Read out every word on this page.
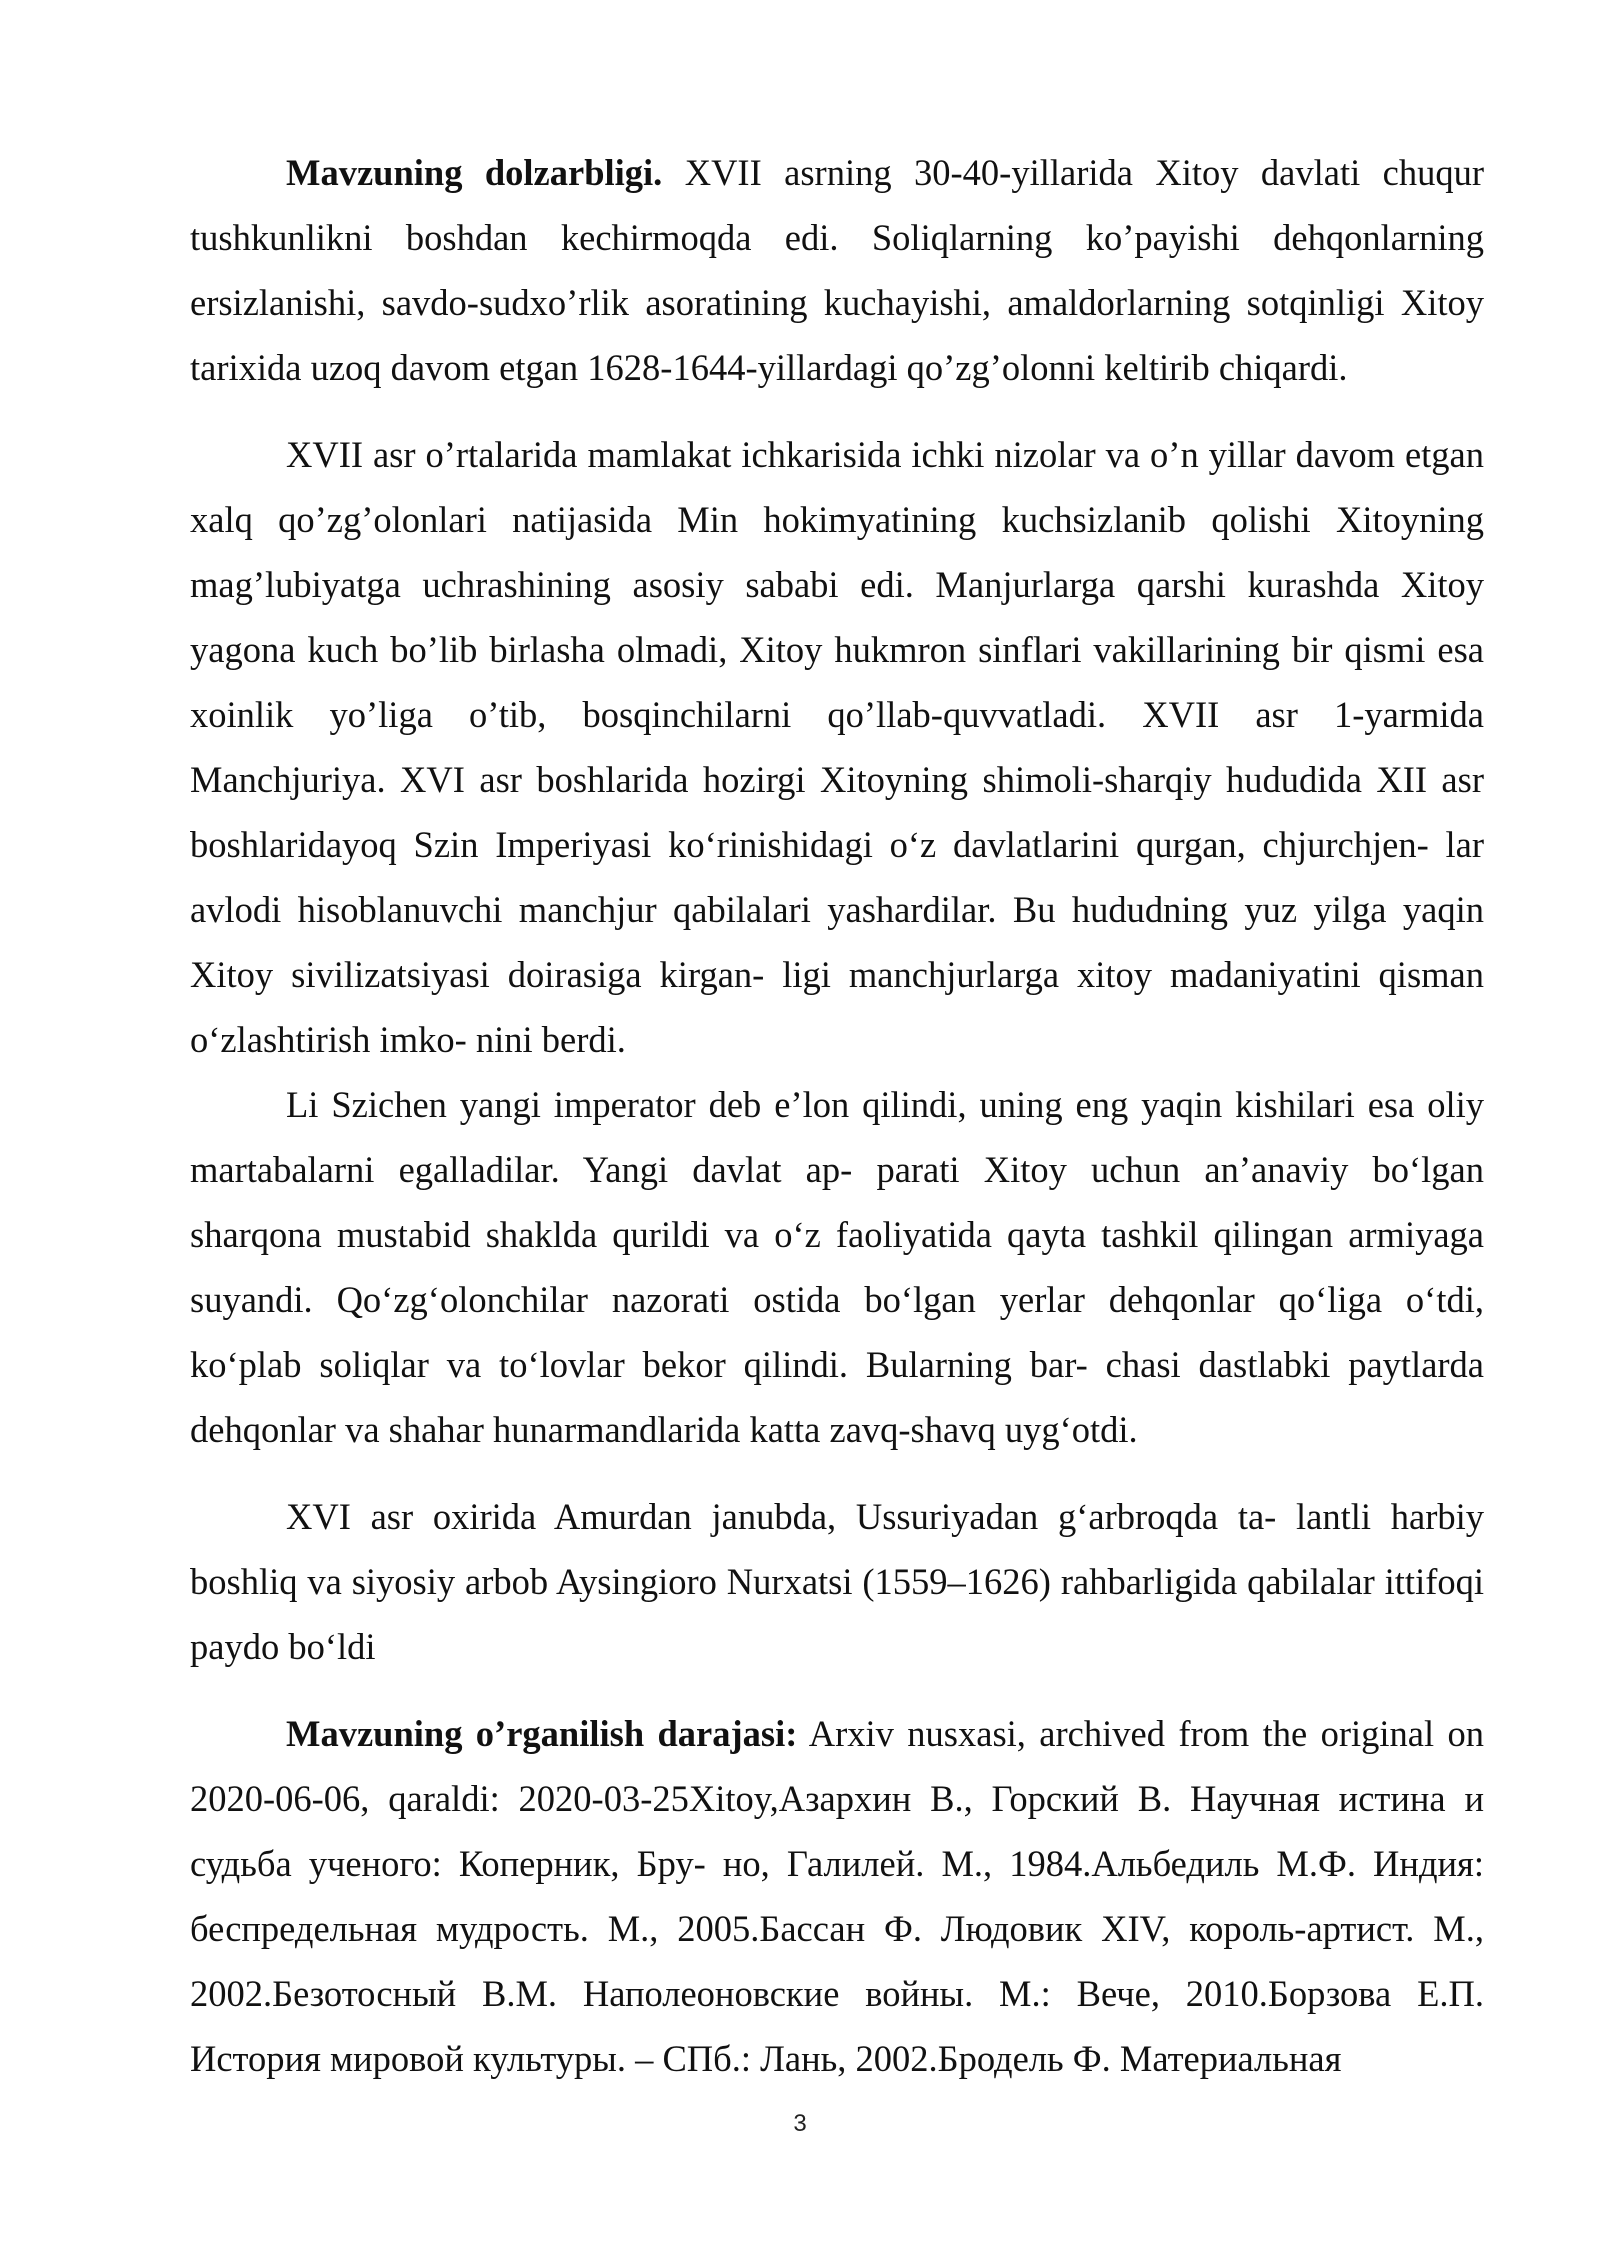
Mavzuning dolzarbligi. XVII asrning 30-40-yillarida Xitoy davlati chuqur tushkunlikni boshdan kechirmoqda edi. Soliqlarning ko’payishi dehqonlarning ersizlanishi, savdo-sudxo’rlik asoratining kuchayishi, amaldorlarning sotqinligi Xitoy tarixida uzoq davom etgan 1628-1644-yillardagi qo’zg’olonni keltirib chiqardi.

XVII asr o’rtalarida mamlakat ichkarisida ichki nizolar va o’n yillar davom etgan xalq qo’zg’olonlari natijasida Min hokimyatining kuchsizlanib qolishi Xitoyning mag’lubiyatga uchrashining asosiy sababi edi. Manjurlarga qarshi kurashda Xitoy yagona kuch bo’lib birlasha olmadi, Xitoy hukmron sinflari vakillarining bir qismi esa xoinlik yo’liga o’tib, bosqinchilarni qo’llab-quvvatladi. XVII asr 1-yarmida Manchjuriya. XVI asr boshlarida hozirgi Xitoyning shimoli-sharqiy hududida XII asr boshlaridayoq Szin Imperiyasi ko‘rinishidagi o‘z davlatlarini qurgan, chjurchjen- lar avlodi hisoblanuvchi manchjur qabilalari yashardilar. Bu hududning yuz yilga yaqin Xitoy sivilizatsiyasi doirasiga kirgan- ligi manchjurlarga xitoy madaniyatini qisman o‘zlashtirish imko- nini berdi.

Li Szichen yangi imperator deb e’lon qilindi, uning eng yaqin kishilari esa oliy martabalarni egalladilar. Yangi davlat ap- parati Xitoy uchun an’anaviy bo‘lgan sharqona mustabid shaklda qurildi va o‘z faoliyatida qayta tashkil qilingan armiyaga suyandi. Qo‘zg‘olonchilar nazorati ostida bo‘lgan yerlar dehqonlar qo‘liga o‘tdi, ko‘plab soliqlar va to‘lovlar bekor qilindi. Bularning bar- chasi dastlabki paytlarda dehqonlar va shahar hunarmandlarida katta zavq-shavq uyg‘otdi.

XVI asr oxirida Amurdan janubda, Ussuriyadan g‘arbroqda ta- lantli harbiy boshliq va siyosiy arbob Aysingioro Nurxatsi (1559–1626) rahbarligida qabilalar ittifoqi paydo bo‘ldi

Mavzuning o’rganilish darajasi: Arxiv nusxasi, archived from the original on 2020-06-06, qaraldi: 2020-03-25Xitoy,Азархин В., Горский В. Научная истина и судьба ученого: Коперник, Бру- но, Галилей. М., 1984.Альбедиль М.Ф. Индия: беспредельная мудрость. М., 2005.Бассан Ф. Людовик XIV, король-артист. М., 2002.Безотосный В.М. Наполеоновские войны. М.: Вече, 2010.Борзова Е.П. История мировой культуры. – СПб.: Лань, 2002.Бродель Ф. Материальная

3
